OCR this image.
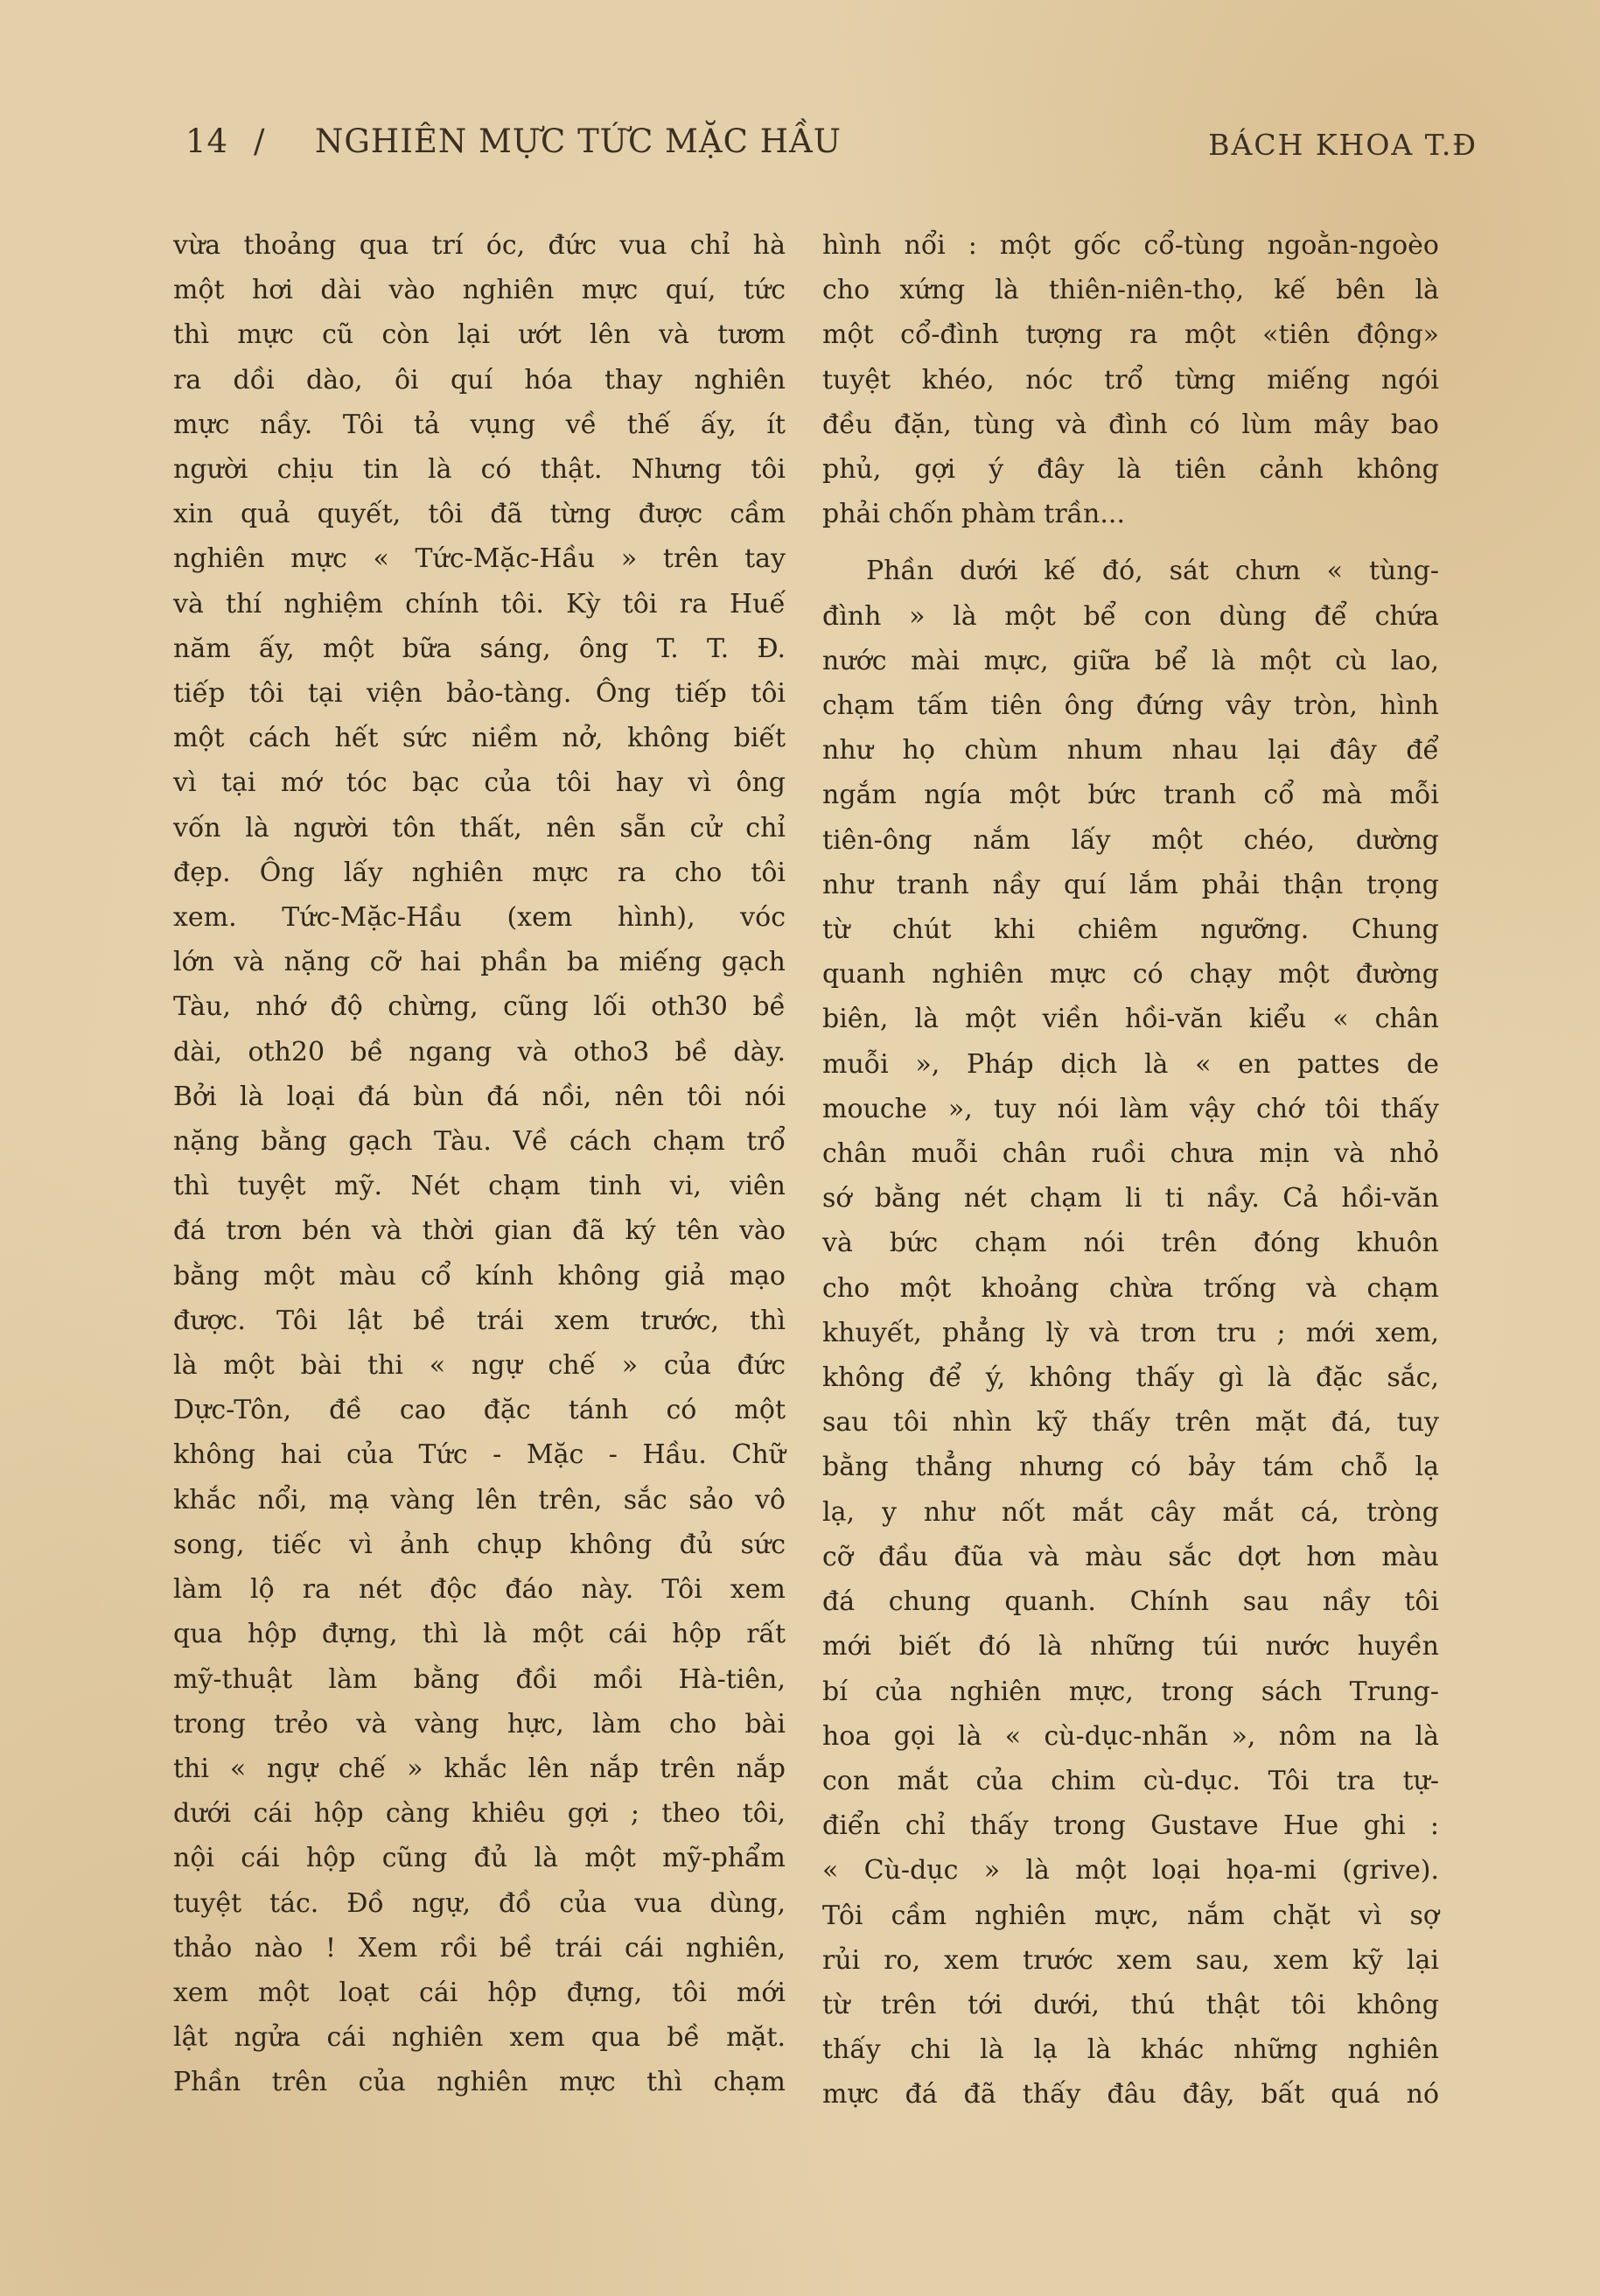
14 / NGHIÊN MỰC TỨC MẶC HẦU	BÁCH KHOA T.Đ
vừa thoảng qua trí óc, đức vua chỉ hà
một hơi dài vào nghiên mực quí, tức
thì mực cũ còn lại ướt lên và tươm
ra dồi dào, ôi quí hóa thay nghiên
mực nầy. Tôi tả vụng về thế ấy, ít
người chịu tin là có thật. Nhưng tôi
xin quả quyết, tôi đã từng được cầm
nghiên mực « Tức-Mặc-Hầu » trên tay
và thí nghiệm chính tôi. Kỳ tôi ra Huế
năm ấy, một bữa sáng, ông T. T. Đ.
tiếp tôi tại viện bảo-tàng. Ông tiếp tôi
một cách hết sức niềm nở, không biết
vì tại mớ tóc bạc của tôi hay vì ông
vốn là người tôn thất, nên sẵn cử chỉ
đẹp. Ông lấy nghiên mực ra cho tôi
xem. Tức-Mặc-Hầu (xem hình), vóc
lớn và nặng cỡ hai phần ba miếng gạch
Tàu, nhớ độ chừng, cũng lối oth30 bề
dài, oth20 bề ngang và otho3 bề dày.
Bởi là loại đá bùn đá nồi, nên tôi nói
nặng bằng gạch Tàu. Về cách chạm trổ
thì tuyệt mỹ. Nét chạm tinh vi, viên
đá trơn bén và thời gian đã ký tên vào
bằng một màu cổ kính không giả mạo
được. Tôi lật bề trái xem trước, thì
là một bài thi « ngự chế » của đức
Dực-Tôn, đề cao đặc tánh có một
không hai của Tức - Mặc - Hầu. Chữ
khắc nổi, mạ vàng lên trên, sắc sảo vô
song, tiếc vì ảnh chụp không đủ sức
làm lộ ra nét độc đáo này. Tôi xem
qua hộp đựng, thì là một cái hộp rất
mỹ-thuật làm bằng đồi mồi Hà-tiên,
trong trẻo và vàng hực, làm cho bài
thi « ngự chế » khắc lên nắp trên nắp
dưới cái hộp càng khiêu gợi ; theo tôi,
nội cái hộp cũng đủ là một mỹ-phẩm
tuyệt tác. Đồ ngự, đồ của vua dùng,
thảo nào ! Xem rồi bề trái cái nghiên,
xem một loạt cái hộp đựng, tôi mới
lật ngửa cái nghiên xem qua bề mặt.
Phần trên của nghiên mực thì chạm
hình nổi : một gốc cổ-tùng ngoằn-ngoèo
cho xứng là thiên-niên-thọ, kế bên là
một cổ-đình tượng ra một «tiên động»
tuyệt khéo, nóc trổ từng miếng ngói
đều đặn, tùng và đình có lùm mây bao
phủ, gợi ý đây là tiên cảnh không
phải chốn phàm trần...
Phần dưới kế đó, sát chưn « tùng-
đình » là một bể con dùng để chứa
nước mài mực, giữa bể là một cù lao,
chạm tấm tiên ông đứng vây tròn, hình
như họ chùm nhum nhau lại đây để
ngắm ngía một bức tranh cổ mà mỗi
tiên-ông nắm lấy một chéo, dường
như tranh nầy quí lắm phải thận trọng
từ chút khi chiêm ngưỡng. Chung
quanh nghiên mực có chạy một đường
biên, là một viền hồi-văn kiểu « chân
muỗi », Pháp dịch là « en pattes de
mouche », tuy nói làm vậy chớ tôi thấy
chân muỗi chân ruồi chưa mịn và nhỏ
sớ bằng nét chạm li ti nầy. Cả hồi-văn
và bức chạm nói trên đóng khuôn
cho một khoảng chừa trống và chạm
khuyết, phẳng lỳ và trơn tru ; mới xem,
không để ý, không thấy gì là đặc sắc,
sau tôi nhìn kỹ thấy trên mặt đá, tuy
bằng thẳng nhưng có bảy tám chỗ lạ
lạ, y như nốt mắt cây mắt cá, tròng
cỡ đầu đũa và màu sắc dợt hơn màu
đá chung quanh. Chính sau nầy tôi
mới biết đó là những túi nước huyền
bí của nghiên mực, trong sách Trung-
hoa gọi là « cù-dục-nhãn », nôm na là
con mắt của chim cù-dục. Tôi tra tự-
điển chỉ thấy trong Gustave Hue ghi :
« Cù-dục » là một loại họa-mi (grive).
Tôi cầm nghiên mực, nắm chặt vì sợ
rủi ro, xem trước xem sau, xem kỹ lại
từ trên tới dưới, thú thật tôi không
thấy chi là lạ là khác những nghiên
mực đá đã thấy đâu đây, bất quá nó
